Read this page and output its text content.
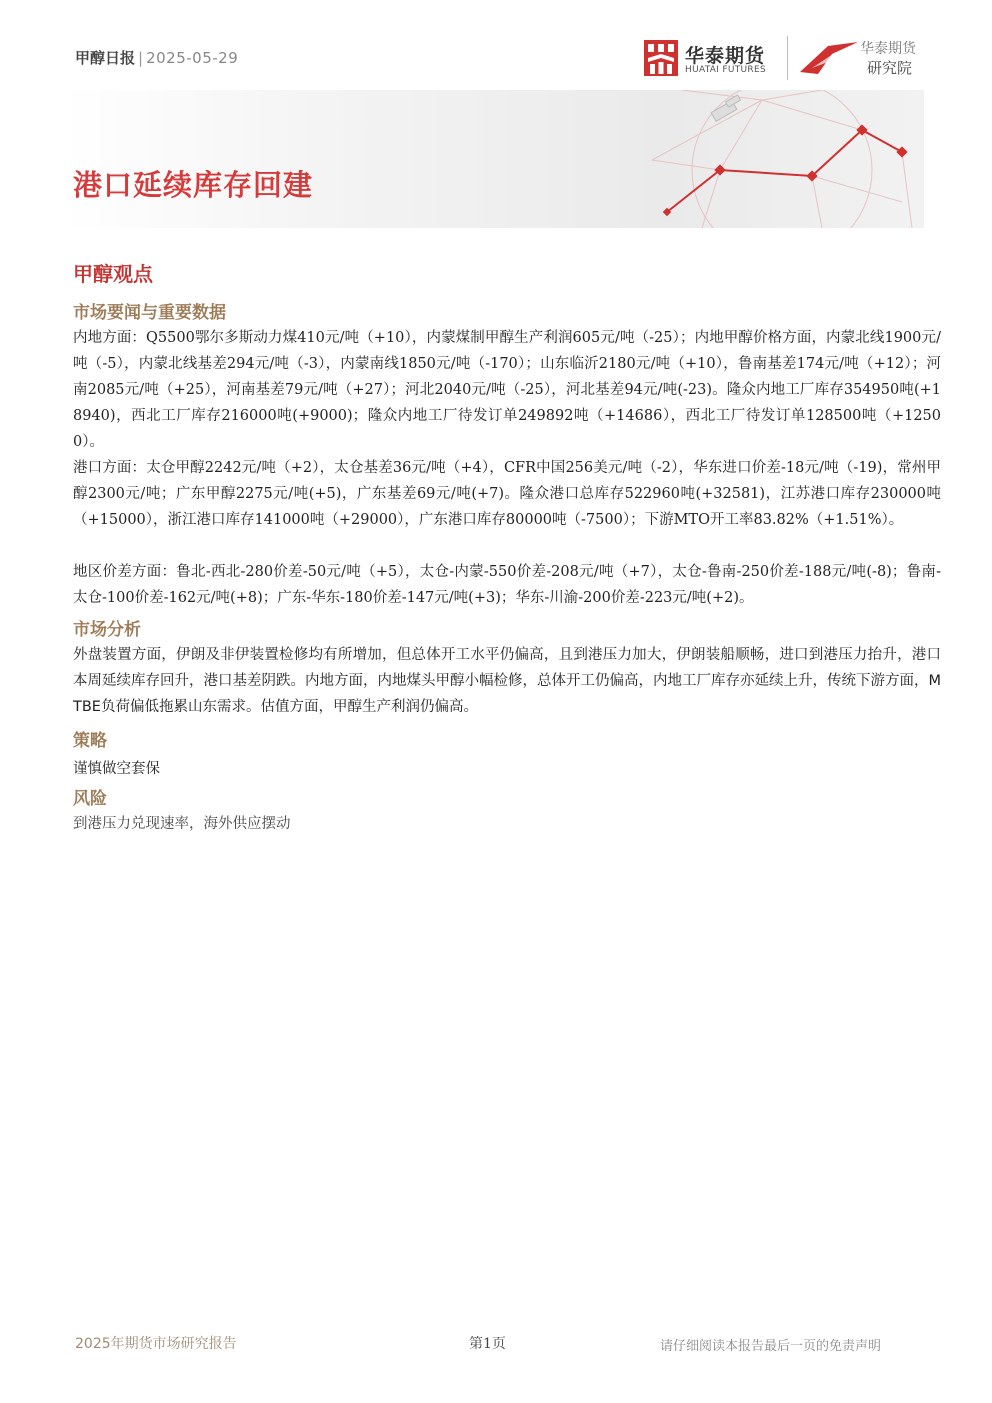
甲醇日报 | 2025-05-29	华泰期货
HUATAI FUTURES
华泰期货
研究院
港口延续库存回建
甲醇观点
市场要闻与重要数据
内地方面：Q5500鄂尔多斯动力煤410元/吨（+10），内蒙煤制甲醇生产利润605元/吨（-25）；内地甲醇价格方面，内蒙北线1900元/吨（-5），内蒙北线基差294元/吨（-3），内蒙南线1850元/吨（-170）；山东临沂2180元/吨（+10），鲁南基差174元/吨（+12）；河南2085元/吨（+25），河南基差79元/吨（+27）；河北2040元/吨（-25），河北基差94元/吨(-23)。隆众内地工厂库存354950吨(+18940)，西北工厂库存216000吨(+9000)；隆众内地工厂待发订单249892吨（+14686），西北工厂待发订单128500吨（+12500）。
港口方面：太仓甲醇2242元/吨（+2），太仓基差36元/吨（+4），CFR中国256美元/吨（-2），华东进口价差-18元/吨（-19)，常州甲醇2300元/吨；广东甲醇2275元/吨(+5)，广东基差69元/吨(+7)。隆众港口总库存522960吨(+32581)，江苏港口库存230000吨（+15000），浙江港口库存141000吨（+29000），广东港口库存80000吨（-7500）；下游MTO开工率83.82%（+1.51%）。
地区价差方面：鲁北-西北-280价差-50元/吨（+5），太仓-内蒙-550价差-208元/吨（+7），太仓-鲁南-250价差-188元/吨(-8)；鲁南-太仓-100价差-162元/吨(+8)；广东-华东-180价差-147元/吨(+3)；华东-川渝-200价差-223元/吨(+2)。
市场分析
外盘装置方面，伊朗及非伊装置检修均有所增加，但总体开工水平仍偏高，且到港压力加大，伊朗装船顺畅，进口到港压力抬升，港口本周延续库存回升，港口基差阴跌。内地方面，内地煤头甲醇小幅检修，总体开工仍偏高，内地工厂库存亦延续上升，传统下游方面，MTBE负荷偏低拖累山东需求。估值方面，甲醇生产利润仍偏高。
策略
谨慎做空套保
风险
到港压力兑现速率，海外供应摆动
2025年期货市场研究报告	第1页	请仔细阅读本报告最后一页的免责声明
